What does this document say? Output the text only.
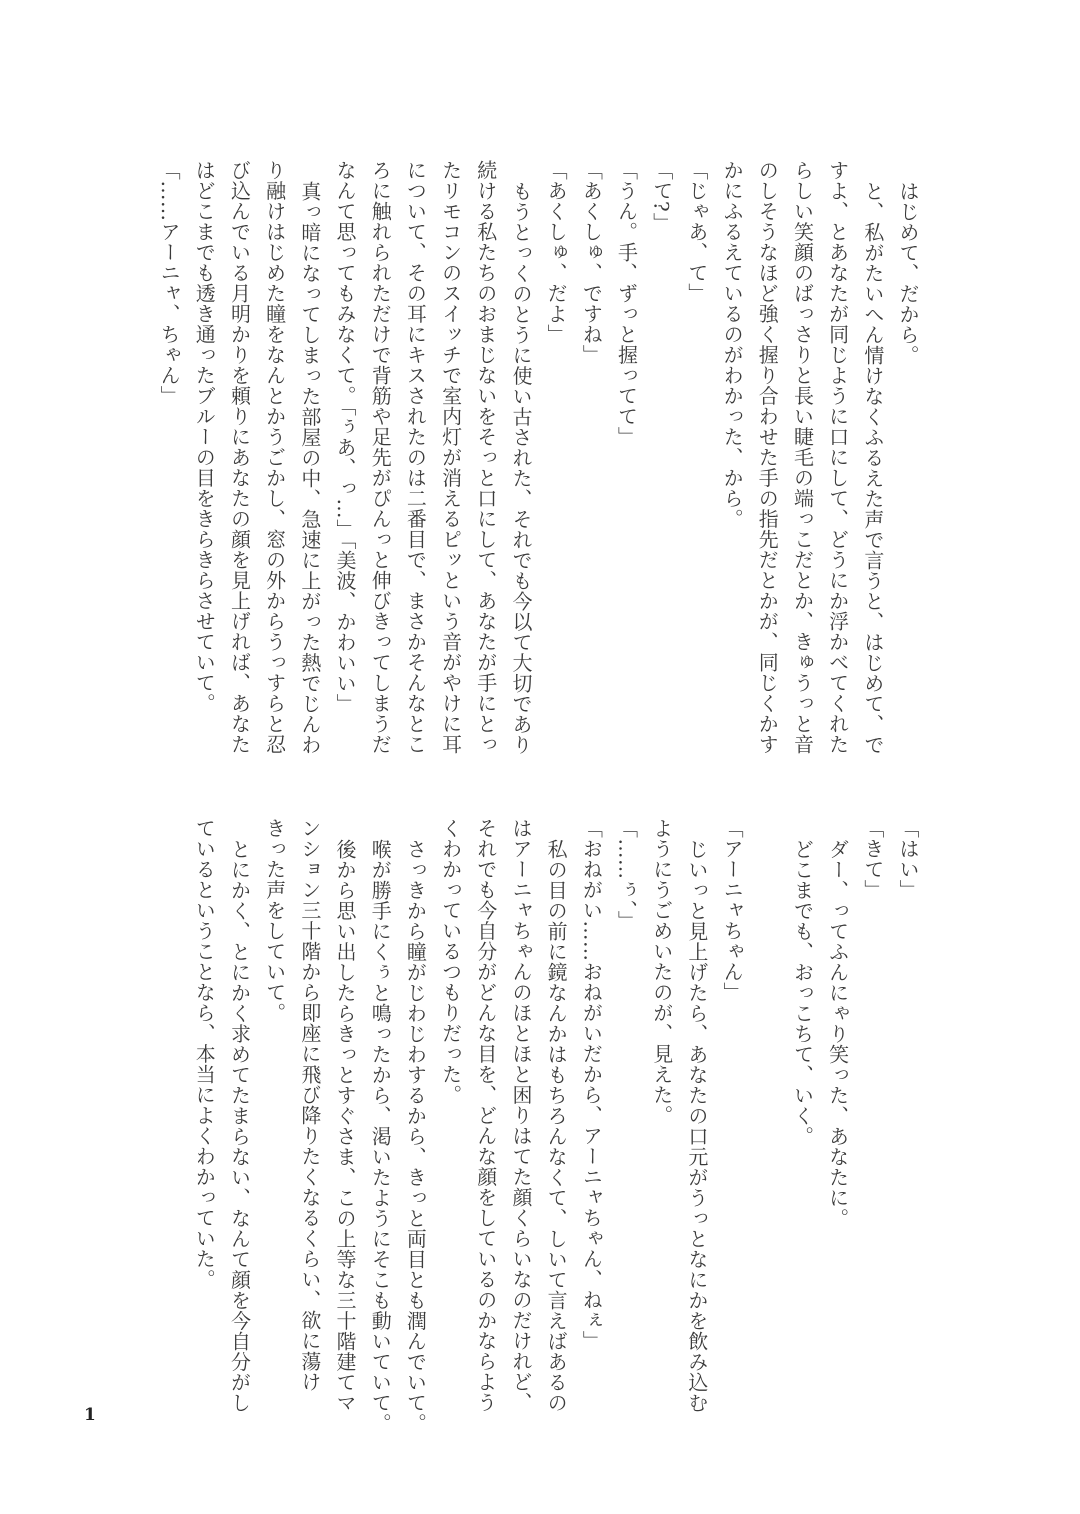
はじめて、だから。
と、私がたいへん情けなくふるえた声で言うと、はじめて、で
すよ、とあなたが同じように口にして、どうにか浮かべてくれた
らしい笑顔のばっさりと長い睫毛の端っこだとか、きゅうっと音
のしそうなほど強く握り合わせた手の指先だとかが、同じくかす
かにふるえているのがわかった、から。
「じゃあ、て」
「て?」
「うん。手、ずっと握ってて」
「あくしゅ、ですね」
「あくしゅ、だよ」
もうとっくのとうに使い古された、それでも今以て大切であり
続ける私たちのおまじないをそっと口にして、あなたが手にとっ
たリモコンのスイッチで室内灯が消えるピッという音がやけに耳
について、その耳にキスされたのは二番目で、まさかそんなとこ
ろに触れられただけで背筋や足先がぴんっと伸びきってしまうだ
なんて思ってもみなくて。「ぅあ、っ…」「美波、かわいい」
真っ暗になってしまった部屋の中、急速に上がった熱でじんわ
り融けはじめた瞳をなんとかうごかし、窓の外からうっすらと忍
び込んでいる月明かりを頼りにあなたの顔を見上げれば、あなた
はどこまでも透き通ったブルーの目をきらきらさせていて。
「……アーニャ、ちゃん」
「はい」
「きて」
ダー、ってふんにゃり笑った、あなたに。
どこまでも、おっこちて、いく。
「アーニャちゃん」
じいっと見上げたら、あなたの口元がうっとなにかを飲み込む
ようにうごめいたのが、見えた。
「……ぅ、」
「おねがい……おねがいだから、アーニャちゃん、ねぇ」
私の目の前に鏡なんかはもちろんなくて、しいて言えばあるの
はアーニャちゃんのほとほと困りはてた顔くらいなのだけれど、
それでも今自分がどんな目を、どんな顔をしているのかならよう
くわかっているつもりだった。
さっきから瞳がじわじわするから、きっと両目とも潤んでいて。
喉が勝手にくぅと鳴ったから、渇いたようにそこも動いていて。
後から思い出したらきっとすぐさま、この上等な三十階建てマ
ンション三十階から即座に飛び降りたくなるくらい、欲に蕩け
きった声をしていて。
とにかく、とにかく求めてたまらない、なんて顔を今自分がし
ているということなら、本当によくわかっていた。
1
